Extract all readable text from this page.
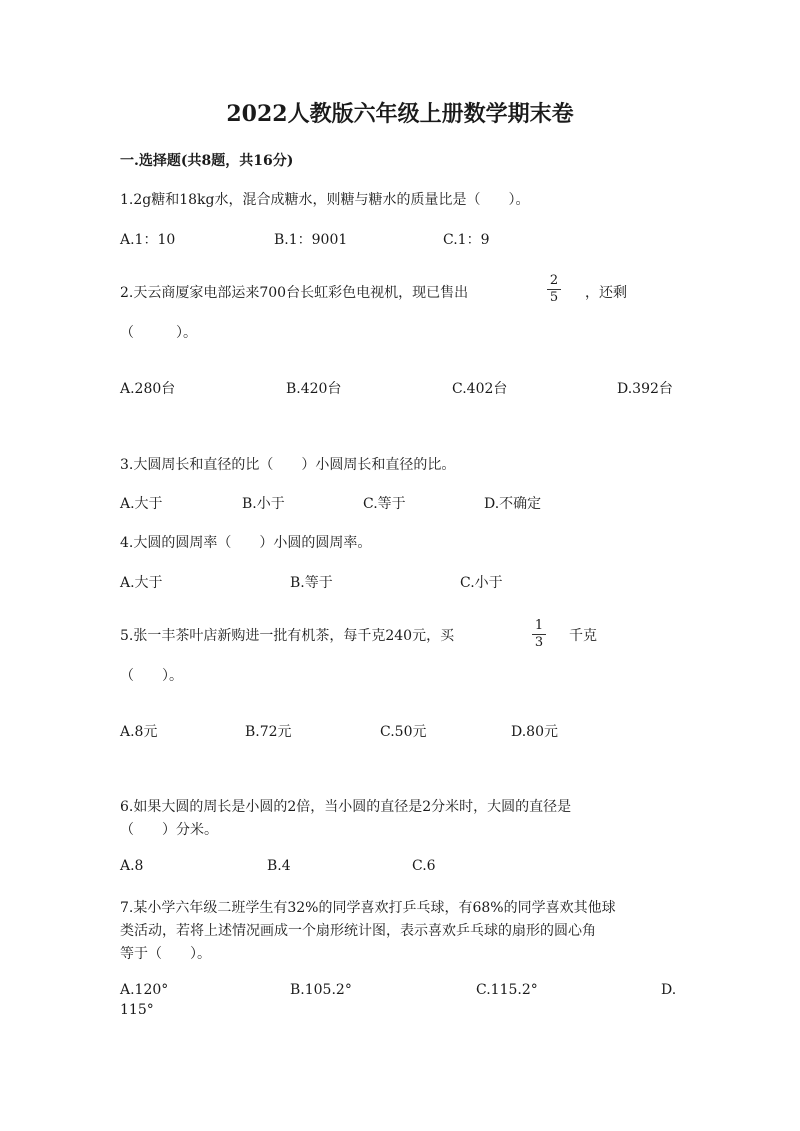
2022人教版六年级上册数学期末卷
一.选择题(共8题，共16分)
1.2g糖和18kg水，混合成糖水，则糖与糖水的质量比是（　　）。
A.1：10	B.1：9001	C.1：9
2.天云商厦家电部运来700台长虹彩色电视机，现已售出
2
5 ，还剩
（　　　）。
A.280台	B.420台	C.402台	D.392台
3.大圆周长和直径的比（　　）小圆周长和直径的比。
A.大于	B.小于	C.等于	D.不确定
4.大圆的圆周率（　　）小圆的圆周率。
A.大于	B.等于	C.小于
5.张一丰茶叶店新购进一批有机茶，每千克240元，买
1
3 千克
（　　）。
A.8元	B.72元	C.50元	D.80元
6.如果大圆的周长是小圆的2倍，当小圆的直径是2分米时，大圆的直径是
（　　）分米。
A.8	B.4	C.6
7.某小学六年级二班学生有32%的同学喜欢打乒乓球，有68%的同学喜欢其他球
类活动，若将上述情况画成一个扇形统计图，表示喜欢乒乓球的扇形的圆心角
等于（　　）。
A.120°	B.105.2°	C.115.2°	D.
115°
